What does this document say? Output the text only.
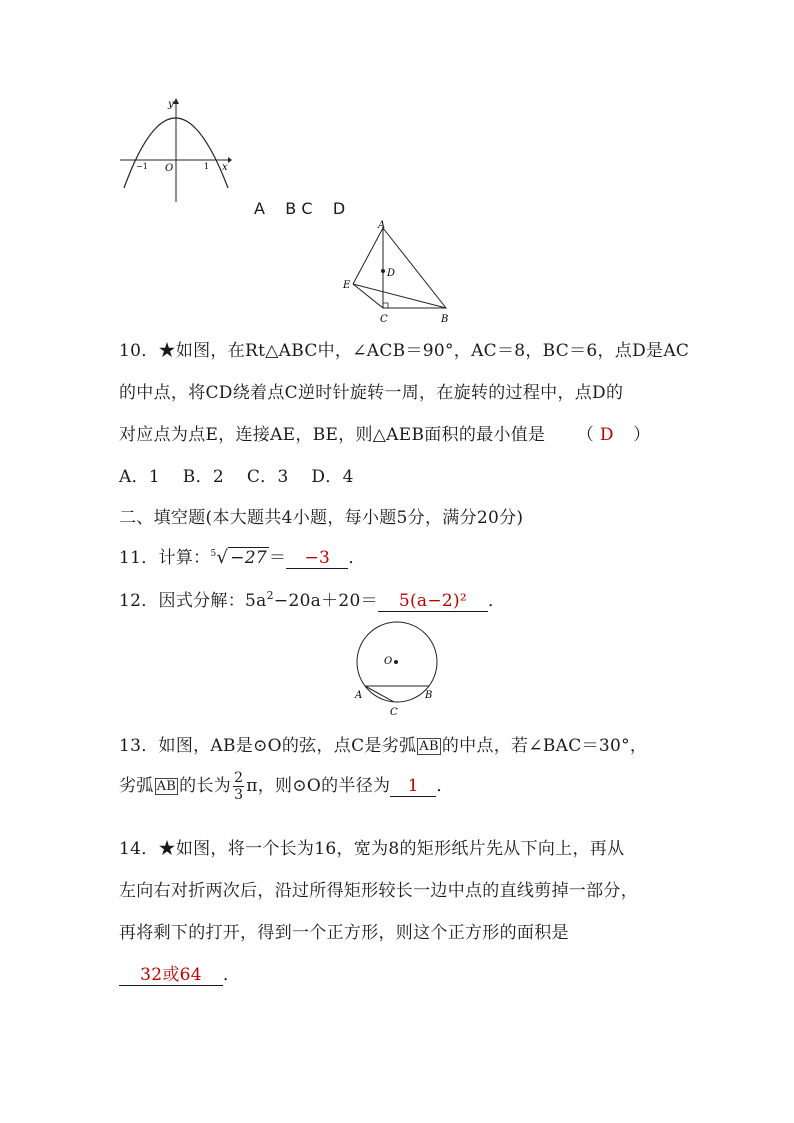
y
x
O
−1	1
A    B C    D
A
D
E
C	B
10．★如图，在Rt△ABC中，∠ACB＝90°，AC＝8，BC＝6，点D是AC
的中点，将CD绕着点C逆时针旋转一周，在旋转的过程中，点D的
对应点为点E，连接AE，BE，则△AEB面积的最小值是 （ D ）
A．1    B．2    C．3    D．4
二、填空题(本大题共4小题，每小题5分，满分20分)
11．计算：$^5$√ −27 ＝ −3 ．
12．因式分解：$5a^2-20a+20= 5(a-2)^2$ ．
O
A	B
C
13．如图，AB是⊙O的弦，点C是劣弧 AB 的中点，若∠BAC＝30°，
劣弧 AB 的长为 $\frac{2}{3}$ π，则⊙O的半径为 1 ．
14．★如图，将一个长为16，宽为8的矩形纸片先从下向上，再从
左向右对折两次后，沿过所得矩形较长一边中点的直线剪掉一部分，
再将剩下的打开，得到一个正方形，则这个正方形的面积是
32或64 ．
